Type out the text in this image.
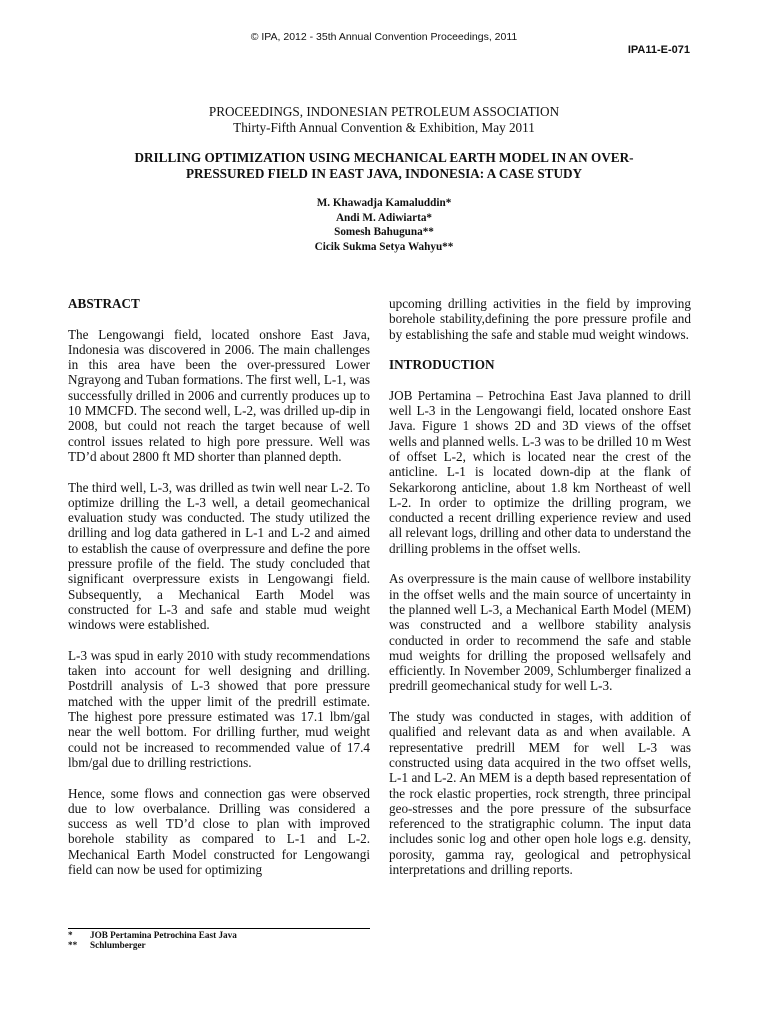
© IPA, 2012 - 35th Annual Convention Proceedings, 2011
IPA11-E-071
PROCEEDINGS, INDONESIAN PETROLEUM ASSOCIATION
Thirty-Fifth Annual Convention & Exhibition, May 2011
DRILLING OPTIMIZATION USING MECHANICAL EARTH MODEL IN AN OVER-PRESSURED FIELD IN EAST JAVA, INDONESIA: A CASE STUDY
M. Khawadja Kamaluddin*
Andi M. Adiwiarta*
Somesh Bahuguna**
Cicik Sukma Setya Wahyu**
ABSTRACT

The Lengowangi field, located onshore East Java, Indonesia was discovered in 2006. The main challenges in this area have been the over-pressured Lower Ngrayong and Tuban formations. The first well, L-1, was successfully drilled in 2006 and currently produces up to 10 MMCFD. The second well, L-2, was drilled up-dip in 2008, but could not reach the target because of well control issues related to high pore pressure. Well was TD’d about 2800 ft MD shorter than planned depth.

The third well, L-3, was drilled as twin well near L-2. To optimize drilling the L-3 well, a detail geomechanical evaluation study was conducted. The study utilized the drilling and log data gathered in L-1 and L-2 and aimed to establish the cause of overpressure and define the pore pressure profile of the field. The study concluded that significant overpressure exists in Lengowangi field. Subsequently, a Mechanical Earth Model was constructed for L-3 and safe and stable mud weight windows were established.

L-3 was spud in early 2010 with study recommendations taken into account for well designing and drilling. Postdrill analysis of L-3 showed that pore pressure matched with the upper limit of the predrill estimate. The highest pore pressure estimated was 17.1 lbm/gal near the well bottom. For drilling further, mud weight could not be increased to recommended value of 17.4 lbm/gal due to drilling restrictions.

Hence, some flows and connection gas were observed due to low overbalance. Drilling was considered a success as well TD’d close to plan with improved borehole stability as compared to L-1 and L-2. Mechanical Earth Model constructed for Lengowangi field can now be used for optimizing

*	JOB Pertamina Petrochina East Java
**	Schlumberger

upcoming drilling activities in the field by improving borehole stability,defining the pore pressure profile and by establishing the safe and stable mud weight windows.

INTRODUCTION

JOB Pertamina – Petrochina East Java planned to drill well L-3 in the Lengowangi field, located onshore East Java. Figure 1 shows 2D and 3D views of the offset wells and planned wells. L-3 was to be drilled 10 m West of offset L-2, which is located near the crest of the anticline. L-1 is located down-dip at the flank of Sekarkorong anticline, about 1.8 km Northeast of well L-2. In order to optimize the drilling program, we conducted a recent drilling experience review and used all relevant logs, drilling and other data to understand the drilling problems in the offset wells.

As overpressure is the main cause of wellbore instability in the offset wells and the main source of uncertainty in the planned well L-3, a Mechanical Earth Model (MEM) was constructed and a wellbore stability analysis conducted in order to recommend the safe and stable mud weights for drilling the proposed wellsafely and efficiently. In November 2009, Schlumberger finalized a predrill geomechanical study for well L-3.

The study was conducted in stages, with addition of qualified and relevant data as and when available. A representative predrill MEM for well L-3 was constructed using data acquired in the two offset wells, L-1 and L-2. An MEM is a depth based representation of the rock elastic properties, rock strength, three principal geo-stresses and the pore pressure of the subsurface referenced to the stratigraphic column. The input data includes sonic log and other open hole logs e.g. density, porosity, gamma ray, geological and petrophysical interpretations and drilling reports.
